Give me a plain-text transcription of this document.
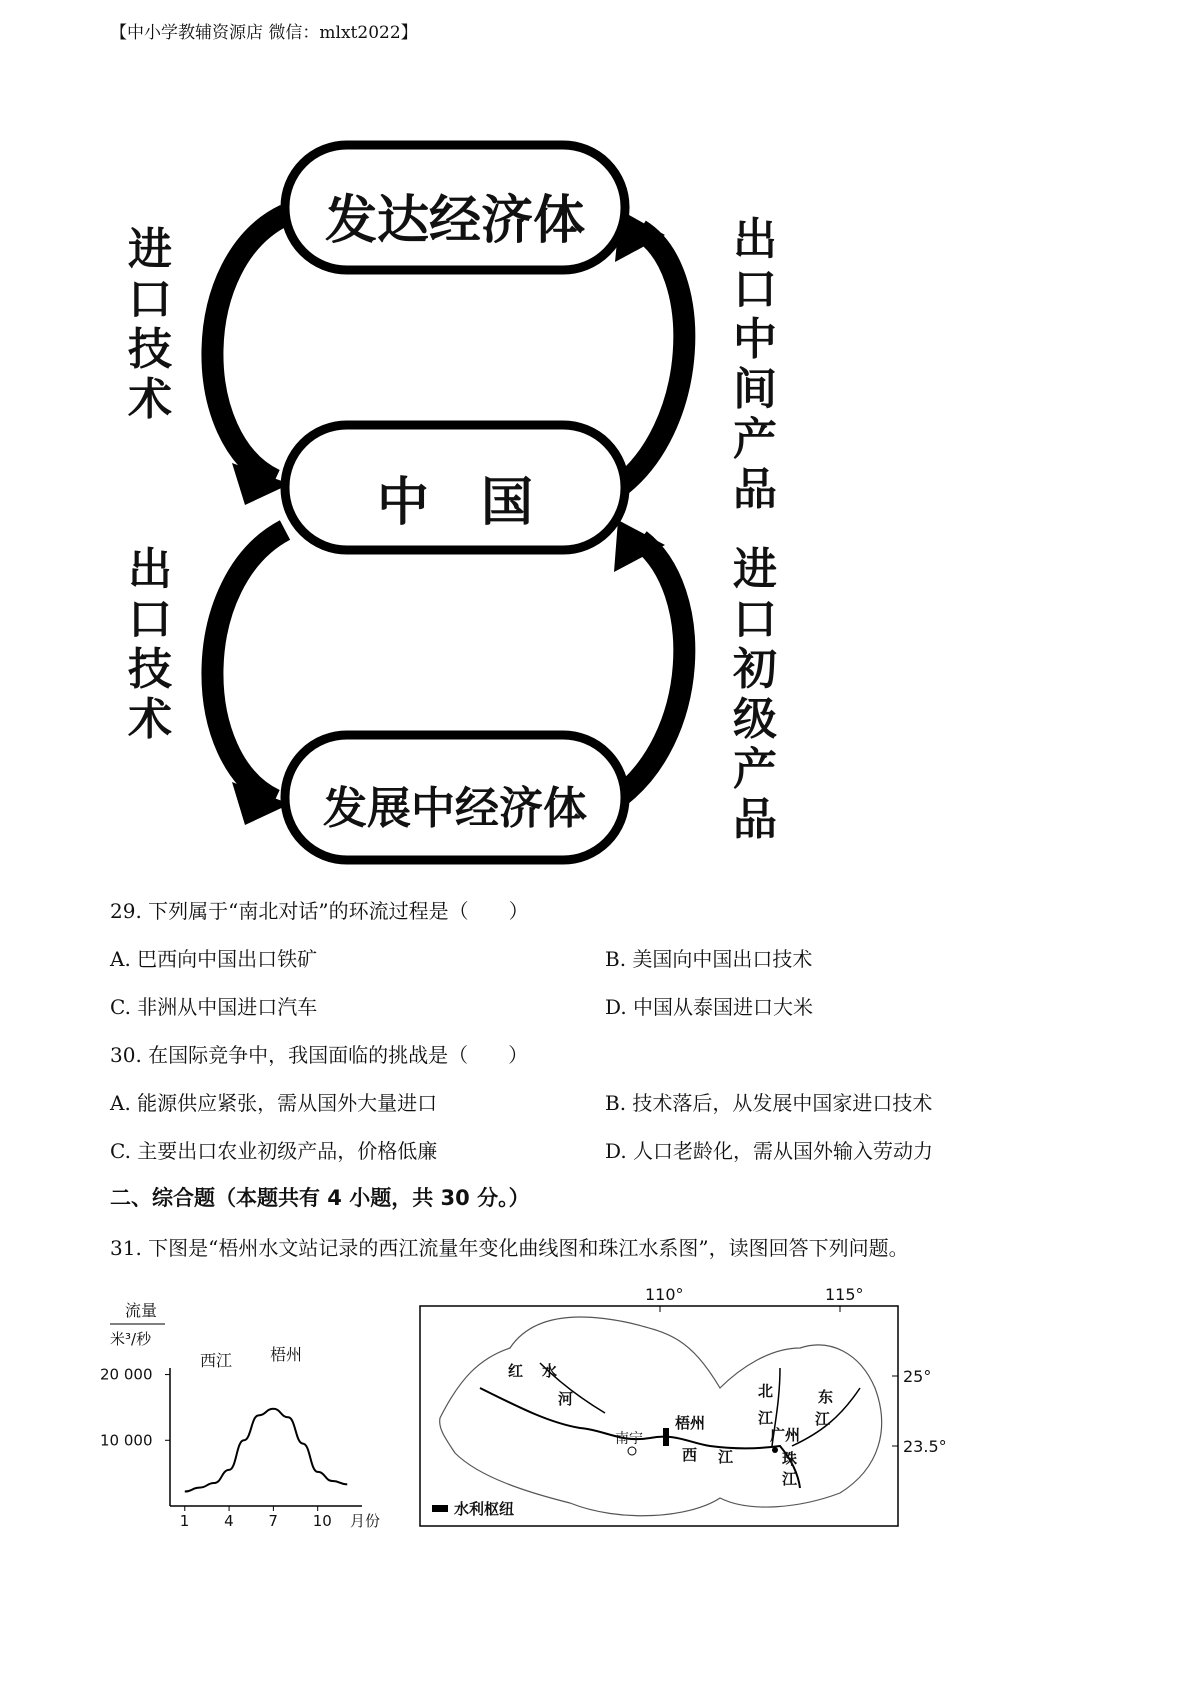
【中小学教辅资源店 微信：mlxt2022】
发达经济体
中　国
发展中经济体
进口技术
出口技术
出口中间产品
进口初级产品
29. 下列属于“南北对话”的环流过程是（　　）
A. 巴西向中国出口铁矿	B. 美国向中国出口技术
C. 非洲从中国进口汽车	D. 中国从泰国进口大米
30. 在国际竞争中，我国面临的挑战是（　　）
A. 能源供应紧张，需从国外大量进口	B. 技术落后，从发展中国家进口技术
C. 主要出口农业初级产品，价格低廉	D. 人口老龄化，需从国外输入劳动力
二、综合题（本题共有 4 小题，共 30 分。）
31. 下图是“梧州水文站记录的西江流量年变化曲线图和珠江水系图”，读图回答下列问题。
流量
米³/秒
西江 梧州
20 000
10 000
1 4 7 10 月份
110°	115°
25°
23.5°
梧州
南宁	广州
红 水
河	北
江
东
江
西 江	珠
江
水利枢纽
